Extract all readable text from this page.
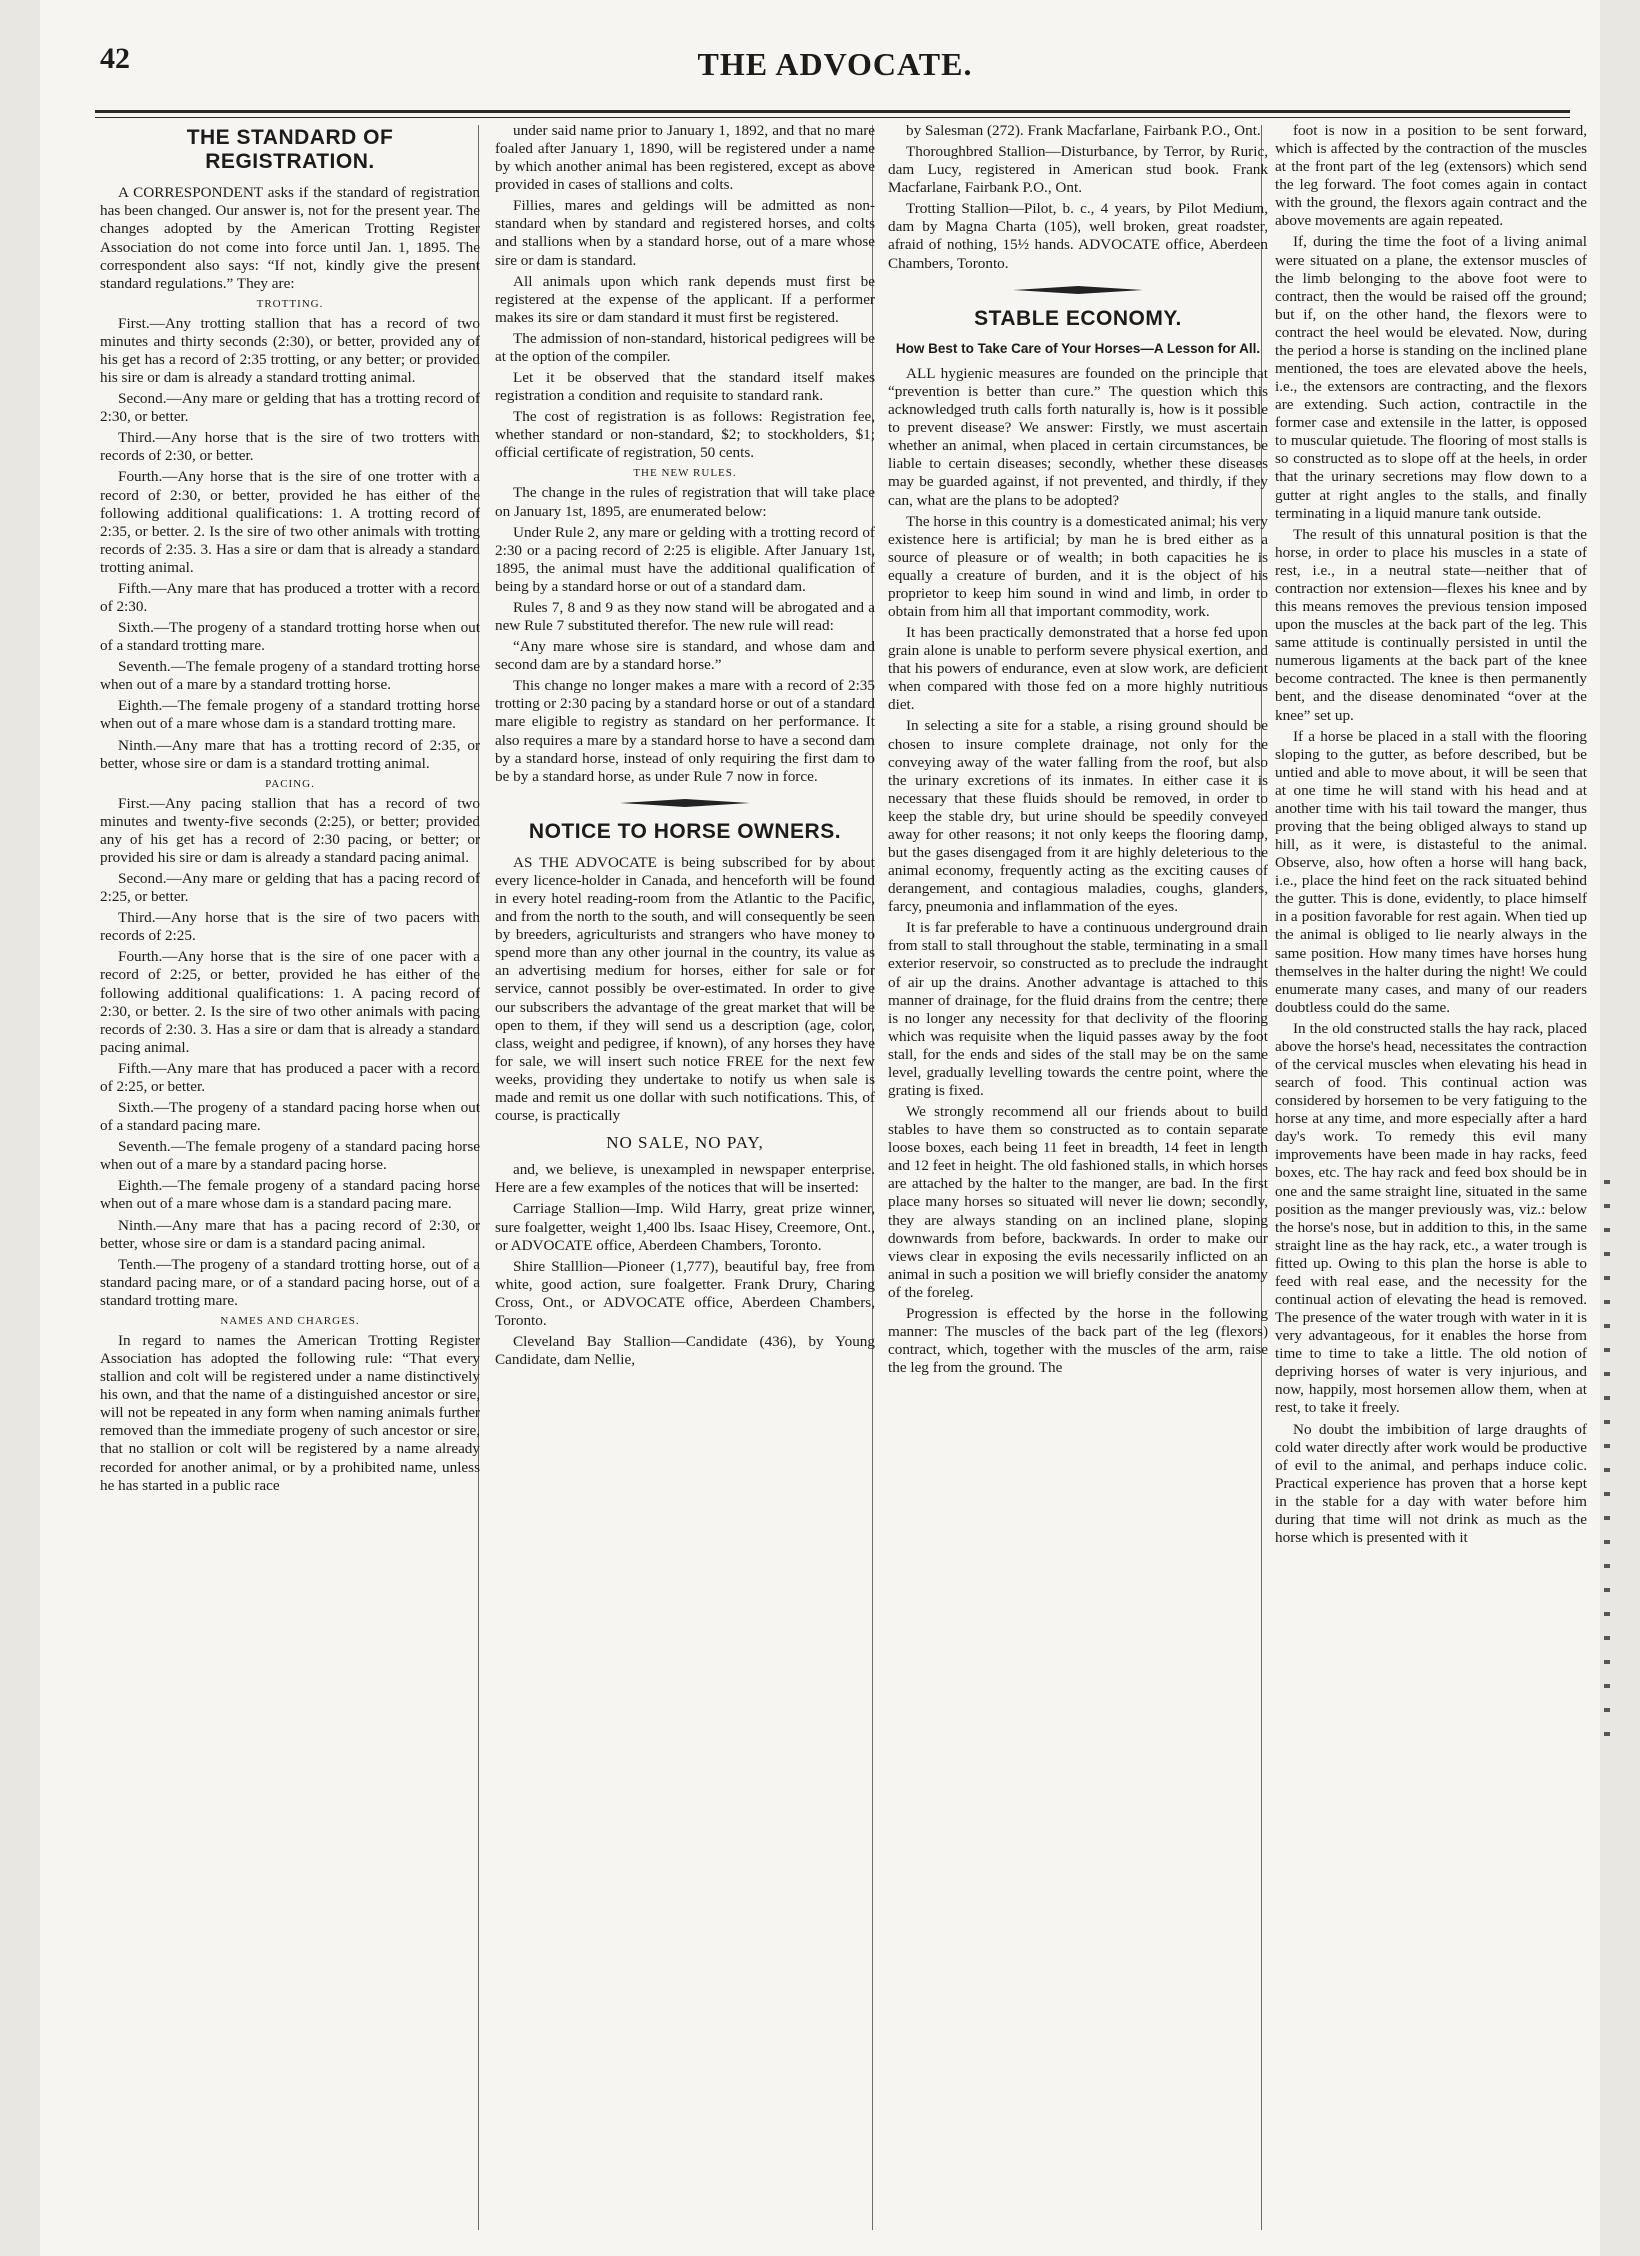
42	THE ADVOCATE.
THE STANDARD OF REGISTRATION.

A CORRESPONDENT asks if the standard of registration has been changed. Our answer is, not for the present year. The changes adopted by the American Trotting Register Association do not come into force until Jan. 1, 1895. The correspondent also says: “If not, kindly give the present standard regulations.” They are:

TROTTING.

First.—Any trotting stallion that has a record of two minutes and thirty seconds (2:30), or better, provided any of his get has a record of 2:35 trotting, or any better; or provided his sire or dam is already a standard trotting animal.

Second.—Any mare or gelding that has a trotting record of 2:30, or better.

Third.—Any horse that is the sire of two trotters with records of 2:30, or better.

Fourth.—Any horse that is the sire of one trotter with a record of 2:30, or better, provided he has either of the following additional qualifications: 1. A trotting record of 2:35, or better. 2. Is the sire of two other animals with trotting records of 2:35. 3. Has a sire or dam that is already a standard trotting animal.

Fifth.—Any mare that has produced a trotter with a record of 2:30.

Sixth.—The progeny of a standard trotting horse when out of a standard trotting mare.

Seventh.—The female progeny of a standard trotting horse when out of a mare by a standard trotting horse.

Eighth.—The female progeny of a standard trotting horse when out of a mare whose dam is a standard trotting mare.

Ninth.—Any mare that has a trotting record of 2:35, or better, whose sire or dam is a standard trotting animal.

PACING.

First.—Any pacing stallion that has a record of two minutes and twenty-five seconds (2:25), or better; provided any of his get has a record of 2:30 pacing, or better; or provided his sire or dam is already a standard pacing animal.

Second.—Any mare or gelding that has a pacing record of 2:25, or better.

Third.—Any horse that is the sire of two pacers with records of 2:25.

Fourth.—Any horse that is the sire of one pacer with a record of 2:25, or better, provided he has either of the following additional qualifications: 1. A pacing record of 2:30, or better. 2. Is the sire of two other animals with pacing records of 2:30. 3. Has a sire or dam that is already a standard pacing animal.

Fifth.—Any mare that has produced a pacer with a record of 2:25, or better.

Sixth.—The progeny of a standard pacing horse when out of a standard pacing mare.

Seventh.—The female progeny of a standard pacing horse when out of a mare by a standard pacing horse.

Eighth.—The female progeny of a standard pacing horse when out of a mare whose dam is a standard pacing mare.

Ninth.—Any mare that has a pacing record of 2:30, or better, whose sire or dam is a standard pacing animal.

Tenth.—The progeny of a standard trotting horse, out of a standard pacing mare, or of a standard pacing horse, out of a standard trotting mare.

NAMES AND CHARGES.

In regard to names the American Trotting Register Association has adopted the following rule: “That every stallion and colt will be registered under a name distinctively his own, and that the name of a distinguished ancestor or sire, will not be repeated in any form when naming animals further removed than the immediate progeny of such ancestor or sire, that no stallion or colt will be registered by a name already recorded for another animal, or by a prohibited name, unless he has started in a public race

under said name prior to January 1, 1892, and that no mare foaled after January 1, 1890, will be registered under a name by which another animal has been registered, except as above provided in cases of stallions and colts.

Fillies, mares and geldings will be admitted as non-standard when by standard and registered horses, and colts and stallions when by a standard horse, out of a mare whose sire or dam is standard.

All animals upon which rank depends must first be registered at the expense of the applicant. If a performer makes its sire or dam standard it must first be registered.

The admission of non-standard, historical pedigrees will be at the option of the compiler.

Let it be observed that the standard itself makes registration a condition and requisite to standard rank.

The cost of registration is as follows: Registration fee, whether standard or non-standard, $2; to stockholders, $1; official certificate of registration, 50 cents.

THE NEW RULES.

The change in the rules of registration that will take place on January 1st, 1895, are enumerated below:

Under Rule 2, any mare or gelding with a trotting record of 2:30 or a pacing record of 2:25 is eligible. After January 1st, 1895, the animal must have the additional qualification of being by a standard horse or out of a standard dam.

Rules 7, 8 and 9 as they now stand will be abrogated and a new Rule 7 substituted therefor. The new rule will read:

“Any mare whose sire is standard, and whose dam and second dam are by a standard horse.”

This change no longer makes a mare with a record of 2:35 trotting or 2:30 pacing by a standard horse or out of a standard mare eligible to registry as standard on her performance. It also requires a mare by a standard horse to have a second dam by a standard horse, instead of only requiring the first dam to be by a standard horse, as under Rule 7 now in force.

NOTICE TO HORSE OWNERS.

AS THE ADVOCATE is being subscribed for by about every licence-holder in Canada, and henceforth will be found in every hotel reading-room from the Atlantic to the Pacific, and from the north to the south, and will consequently be seen by breeders, agriculturists and strangers who have money to spend more than any other journal in the country, its value as an advertising medium for horses, either for sale or for service, cannot possibly be over-estimated. In order to give our subscribers the advantage of the great market that will be open to them, if they will send us a description (age, color, class, weight and pedigree, if known), of any horses they have for sale, we will insert such notice FREE for the next few weeks, providing they undertake to notify us when sale is made and remit us one dollar with such notifications. This, of course, is practically

NO SALE, NO PAY,

and, we believe, is unexampled in newspaper enterprise. Here are a few examples of the notices that will be inserted:

Carriage Stallion—Imp. Wild Harry, great prize winner, sure foalgetter, weight 1,400 lbs. Isaac Hisey, Creemore, Ont., or ADVOCATE office, Aberdeen Chambers, Toronto.

Shire Stalllion—Pioneer (1,777), beautiful bay, free from white, good action, sure foalgetter. Frank Drury, Charing Cross, Ont., or ADVOCATE office, Aberdeen Chambers, Toronto.

Cleveland Bay Stallion—Candidate (436), by Young Candidate, dam Nellie,

by Salesman (272). Frank Macfarlane, Fairbank P.O., Ont.

Thoroughbred Stallion—Disturbance, by Terror, by Ruric, dam Lucy, registered in American stud book. Frank Macfarlane, Fairbank P.O., Ont.

Trotting Stallion—Pilot, b. c., 4 years, by Pilot Medium, dam by Magna Charta (105), well broken, great roadster, afraid of nothing, 15½ hands. ADVOCATE office, Aberdeen Chambers, Toronto.

STABLE ECONOMY.
How Best to Take Care of Your Horses—A Lesson for All.

ALL hygienic measures are founded on the principle that “prevention is better than cure.” The question which this acknowledged truth calls forth naturally is, how is it possible to prevent disease? We answer: Firstly, we must ascertain whether an animal, when placed in certain circumstances, be liable to certain diseases; secondly, whether these diseases may be guarded against, if not prevented, and thirdly, if they can, what are the plans to be adopted?

The horse in this country is a domesticated animal; his very existence here is artificial; by man he is bred either as a source of pleasure or of wealth; in both capacities he is equally a creature of burden, and it is the object of his proprietor to keep him sound in wind and limb, in order to obtain from him all that important commodity, work.

It has been practically demonstrated that a horse fed upon grain alone is unable to perform severe physical exertion, and that his powers of endurance, even at slow work, are deficient when compared with those fed on a more highly nutritious diet.

In selecting a site for a stable, a rising ground should be chosen to insure complete drainage, not only for the conveying away of the water falling from the roof, but also the urinary excretions of its inmates. In either case it is necessary that these fluids should be removed, in order to keep the stable dry, but urine should be speedily conveyed away for other reasons; it not only keeps the flooring damp, but the gases disengaged from it are highly deleterious to the animal economy, frequently acting as the exciting causes of derangement, and contagious maladies, coughs, glanders, farcy, pneumonia and inflammation of the eyes.

It is far preferable to have a continuous underground drain from stall to stall throughout the stable, terminating in a small exterior reservoir, so constructed as to preclude the indraught of air up the drains. Another advantage is attached to this manner of drainage, for the fluid drains from the centre; there is no longer any necessity for that declivity of the flooring which was requisite when the liquid passes away by the foot stall, for the ends and sides of the stall may be on the same level, gradually levelling towards the centre point, where the grating is fixed.

We strongly recommend all our friends about to build stables to have them so constructed as to contain separate loose boxes, each being 11 feet in breadth, 14 feet in length and 12 feet in height. The old fashioned stalls, in which horses are attached by the halter to the manger, are bad. In the first place many horses so situated will never lie down; secondly, they are always standing on an inclined plane, sloping downwards from before, backwards. In order to make our views clear in exposing the evils necessarily inflicted on an animal in such a position we will briefly consider the anatomy of the foreleg.

Progression is effected by the horse in the following manner: The muscles of the back part of the leg (flexors) contract, which, together with the muscles of the arm, raise the leg from the ground. The

foot is now in a position to be sent forward, which is affected by the contraction of the muscles at the front part of the leg (extensors) which send the leg forward. The foot comes again in contact with the ground, the flexors again contract and the above movements are again repeated.

If, during the time the foot of a living animal were situated on a plane, the extensor muscles of the limb belonging to the above foot were to contract, then the would be raised off the ground; but if, on the other hand, the flexors were to contract the heel would be elevated. Now, during the period a horse is standing on the inclined plane mentioned, the toes are elevated above the heels, i.e., the extensors are contracting, and the flexors are extending. Such action, contractile in the former case and extensile in the latter, is opposed to muscular quietude. The flooring of most stalls is so constructed as to slope off at the heels, in order that the urinary secretions may flow down to a gutter at right angles to the stalls, and finally terminating in a liquid manure tank outside.

The result of this unnatural position is that the horse, in order to place his muscles in a state of rest, i.e., in a neutral state—neither that of contraction nor extension—flexes his knee and by this means removes the previous tension imposed upon the muscles at the back part of the leg. This same attitude is continually persisted in until the numerous ligaments at the back part of the knee become contracted. The knee is then permanently bent, and the disease denominated “over at the knee” set up.

If a horse be placed in a stall with the flooring sloping to the gutter, as before described, but be untied and able to move about, it will be seen that at one time he will stand with his head and at another time with his tail toward the manger, thus proving that the being obliged always to stand up hill, as it were, is distasteful to the animal. Observe, also, how often a horse will hang back, i.e., place the hind feet on the rack situated behind the gutter. This is done, evidently, to place himself in a position favorable for rest again. When tied up the animal is obliged to lie nearly always in the same position. How many times have horses hung themselves in the halter during the night! We could enumerate many cases, and many of our readers doubtless could do the same.

In the old constructed stalls the hay rack, placed above the horse's head, necessitates the contraction of the cervical muscles when elevating his head in search of food. This continual action was considered by horsemen to be very fatiguing to the horse at any time, and more especially after a hard day's work. To remedy this evil many improvements have been made in hay racks, feed boxes, etc. The hay rack and feed box should be in one and the same straight line, situated in the same position as the manger previously was, viz.: below the horse's nose, but in addition to this, in the same straight line as the hay rack, etc., a water trough is fitted up. Owing to this plan the horse is able to feed with real ease, and the necessity for the continual action of elevating the head is removed. The presence of the water trough with water in it is very advantageous, for it enables the horse from time to time to take a little. The old notion of depriving horses of water is very injurious, and now, happily, most horsemen allow them, when at rest, to take it freely.

No doubt the imbibition of large draughts of cold water directly after work would be productive of evil to the animal, and perhaps induce colic. Practical experience has proven that a horse kept in the stable for a day with water before him during that time will not drink as much as the horse which is presented with it
